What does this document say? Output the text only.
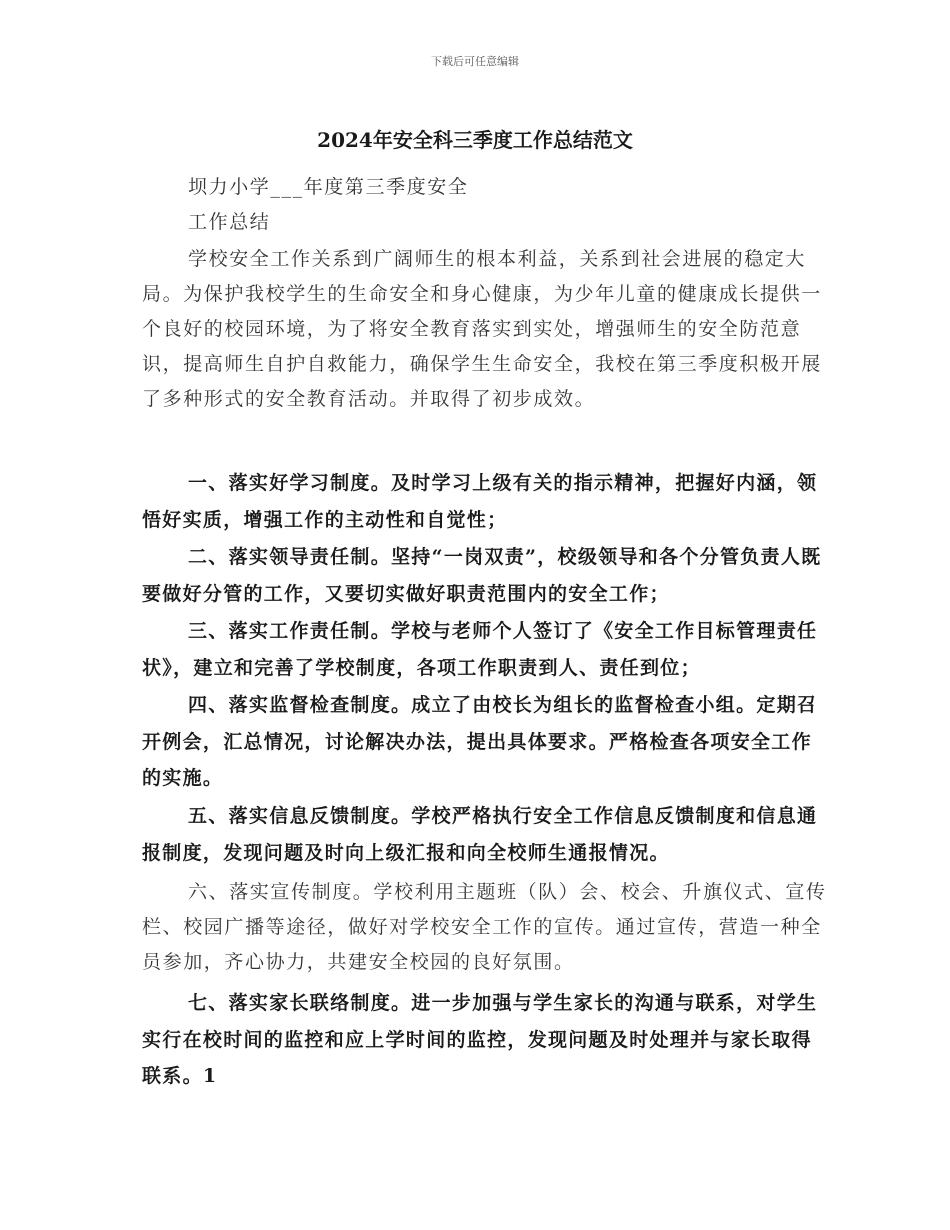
下载后可任意编辑
2024年安全科三季度工作总结范文

坝力小学___年度第三季度安全

工作总结

学校安全工作关系到广阔师生的根本利益，关系到社会进展的稳定大局。为保护我校学生的生命安全和身心健康，为少年儿童的健康成长提供一个良好的校园环境，为了将安全教育落实到实处，增强师生的安全防范意识，提高师生自护自救能力，确保学生生命安全，我校在第三季度积极开展了多种形式的安全教育活动。并取得了初步成效。

一、落实好学习制度。及时学习上级有关的指示精神，把握好内涵，领悟好实质，增强工作的主动性和自觉性；

二、落实领导责任制。坚持“一岗双责”，校级领导和各个分管负责人既要做好分管的工作，又要切实做好职责范围内的安全工作；

三、落实工作责任制。学校与老师个人签订了《安全工作目标管理责任状》，建立和完善了学校制度，各项工作职责到人、责任到位；

四、落实监督检查制度。成立了由校长为组长的监督检查小组。定期召开例会，汇总情况，讨论解决办法，提出具体要求。严格检查各项安全工作的实施。

五、落实信息反馈制度。学校严格执行安全工作信息反馈制度和信息通报制度，发现问题及时向上级汇报和向全校师生通报情况。

六、落实宣传制度。学校利用主题班（队）会、校会、升旗仪式、宣传栏、校园广播等途径，做好对学校安全工作的宣传。通过宣传，营造一种全员参加，齐心协力，共建安全校园的良好氛围。

七、落实家长联络制度。进一步加强与学生家长的沟通与联系，对学生实行在校时间的监控和应上学时间的监控，发现问题及时处理并与家长取得联系。1
